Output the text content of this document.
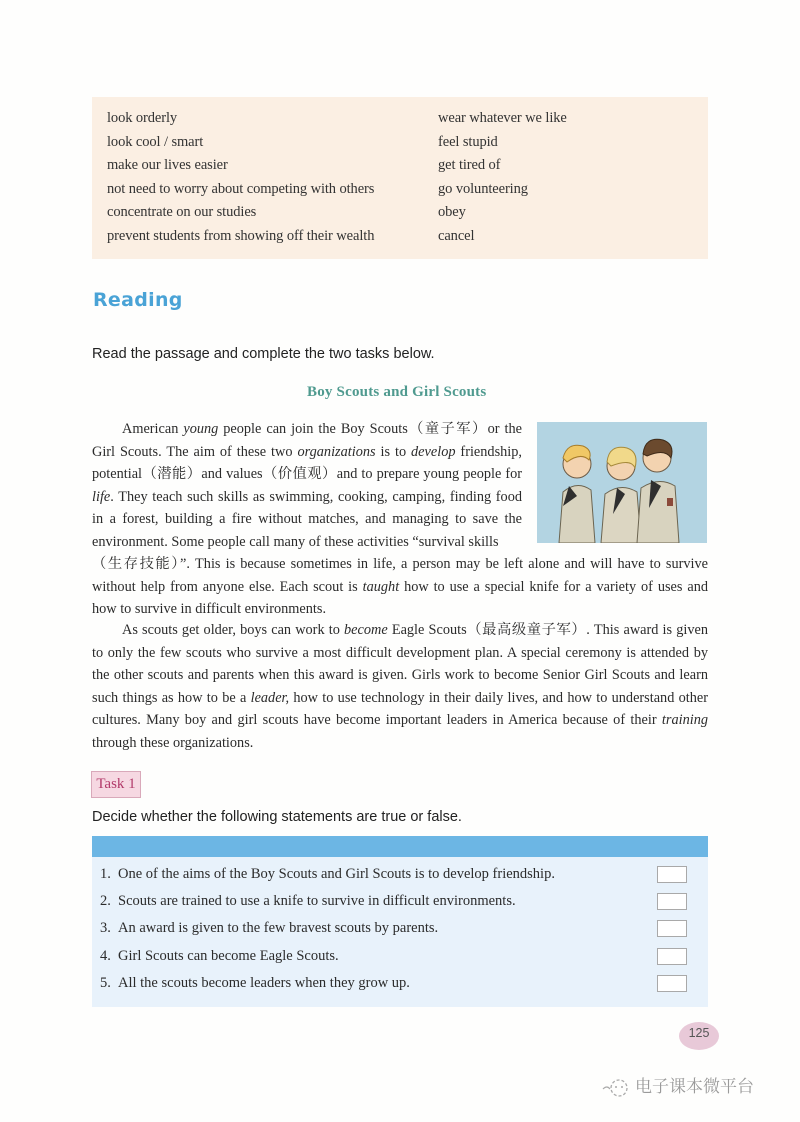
look orderly
look cool / smart
make our lives easier
not need to worry about competing with others
concentrate on our studies
prevent students from showing off their wealth
wear whatever we like
feel stupid
get tired of
go volunteering
obey
cancel
Reading
Read the passage and complete the two tasks below.
Boy Scouts and Girl Scouts
American young people can join the Boy Scouts（童子军）or the Girl Scouts. The aim of these two organizations is to develop friendship, potential（潜能）and values（价值观）and to prepare young people for life. They teach such skills as swimming, cooking, camping, finding food in a forest, building a fire without matches, and managing to save the environment. Some people call many of these activities “survival skills
（生存技能）”. This is because sometimes in life, a person may be left alone and will have to survive without help from anyone else. Each scout is taught how to use a special knife for a variety of uses and how to survive in difficult environments.
As scouts get older, boys can work to become Eagle Scouts（最高级童子军）. This award is given to only the few scouts who survive a most difficult development plan. A special ceremony is attended by the other scouts and parents when this award is given. Girls work to become Senior Girl Scouts and learn such things as how to be a leader, how to use technology in their daily lives, and how to understand other cultures. Many boy and girl scouts have become important leaders in America because of their training through these organizations.
Task 1
Decide whether the following statements are true or false.
1. One of the aims of the Boy Scouts and Girl Scouts is to develop friendship.
2. Scouts are trained to use a knife to survive in difficult environments.
3. An award is given to the few bravest scouts by parents.
4. Girl Scouts can become Eagle Scouts.
5. All the scouts become leaders when they grow up.
125
电子课本微平台
